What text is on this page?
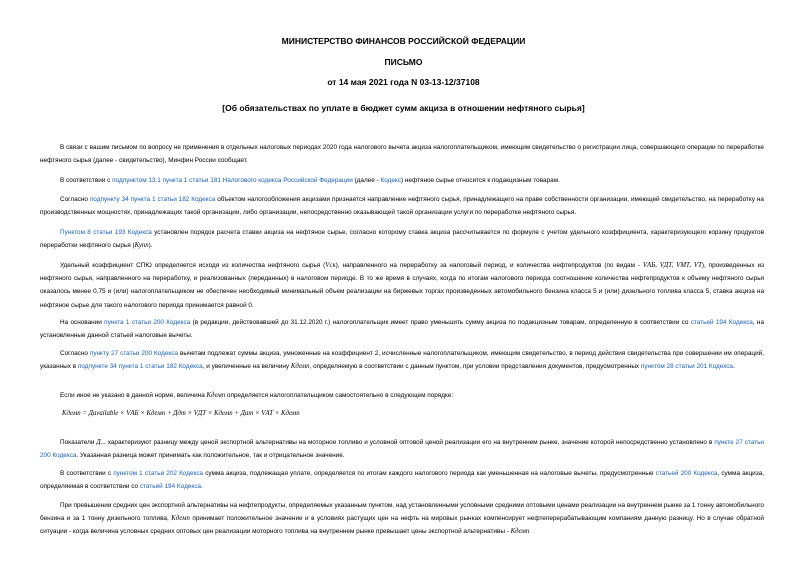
МИНИСТЕРСТВО ФИНАНСОВ РОССИЙСКОЙ ФЕДЕРАЦИИ
ПИСЬМО
от 14 мая 2021 года N 03-13-12/37108
[Об обязательствах по уплате в бюджет сумм акциза в отношении нефтяного сырья]
В связи с вашим письмом по вопросу не применения в отдельных налоговых периодах 2020 года налогового вычета акциза налогоплательщиком, имеющим свидетельство о регистрации лица, совершающего операции по переработке нефтяного сырья (далее - свидетельство), Минфин России сообщает.
В соответствии с подпунктом 13.1 пункта 1 статьи 181 Налогового кодекса Российской Федерации (далее - Кодекс) нефтяное сырье относится к подакцизным товарам.
Согласно подпункту 34 пункта 1 статьи 182 Кодекса объектом налогообложения акцизами признается направление нефтяного сырья, принадлежащего на праве собственности организации, имеющей свидетельство, на переработку на производственных мощностях, принадлежащих такой организации, либо организации, непосредственно оказывающей такой организации услуги по переработке нефтяного сырья.
Пунктом 8 статьи 193 Кодекса установлен порядок расчета ставки акциза на нефтяное сырье, согласно которому ставка акциза рассчитывается по формуле с учетом удельного коэффициента, характеризующего корзину продуктов переработки нефтяного сырья (Купп).
Удельный коэффициент СПЮ определяется исходя из количества нефтяного сырья (Vск), направленного на переработку за налоговый период, и количества нефтепродуктов (по видам - VАБ, VДТ, VМТ, VТ), произведенных из нефтяного сырья, направленного на переработку, и реализованных (переданных) в налоговом периоде. В то же время в случаях, когда по итогам налогового периода соотношение количества нефтепродуктов к объему нефтяного сырья оказалось менее 0,75 и (или) налогоплательщиком не обеспечен необходимый минимальный объем реализации на биржевых торгах произведенных автомобильного бензина класса 5 и (или) дизельного топлива класса 5, ставка акциза на нефтяное сырье для такого налогового периода принимается равной 0.
На основании пункта 1 статьи 200 Кодекса (в редакции, действовавшей до 31.12.2020 г.) налогоплательщик имеет право уменьшить сумму акциза по подакцизным товарам, определенную в соответствии со статьей 194 Кодекса, на установленные данной статьей налоговые вычеты.
Согласно пункту 27 статьи 200 Кодекса вычетам подлежат суммы акциза, умноженные на коэффициент 2, исчисленные налогоплательщиком, имеющим свидетельство, в период действия свидетельства при совершении им операций, указанных в подпункте 34 пункта 1 статьи 182 Кодекса, и увеличенные на величину Кдемп, определяемую в соответствии с данным пунктом, при условии представления документов, предусмотренных пунктом 28 статьи 201 Кодекса.
Если иное не указано в данной норме, величина Кдемп определяется налогоплательщиком самостоятельно в следующем порядке:
Кдемп = Дavailable × VАБ × Кдемп + Ддт × VДТ × Кдемп + Дат × VАТ × Кдемп
Показатели Д... характеризуют разницу между ценой экспортной альтернативы на моторное топливо и условной оптовой ценой реализации его на внутреннем рынке, значение которой непосредственно установлено в пункте 27 статьи 200 Кодекса. Указанная разница может принимать как положительное, так и отрицательное значение.
В соответствии с пунктом 1 статьи 202 Кодекса сумма акциза, подлежащая уплате, определяется по итогам каждого налогового периода как уменьшенная на налоговые вычеты, предусмотренные статьей 200 Кодекса, сумма акциза, определяемая в соответствии со статьей 194 Кодекса.
При превышении средних цен экспортной альтернативы на нефтепродукты, определяемых указанным пунктом, над установленными условными средними оптовыми ценами реализации на внутреннем рынке за 1 тонну автомобильного бензина и за 1 тонну дизельного топлива, Кдемп принимает положительное значение и в условиях растущих цен на нефть на мировых рынках компенсирует нефтеперерабатывающим компаниям данную разницу. Но в случае обратной ситуации - когда величина условных средних оптовых цен реализации моторного топлива на внутреннем рынке превышает цены экспортной альтернативы - Кдемп
